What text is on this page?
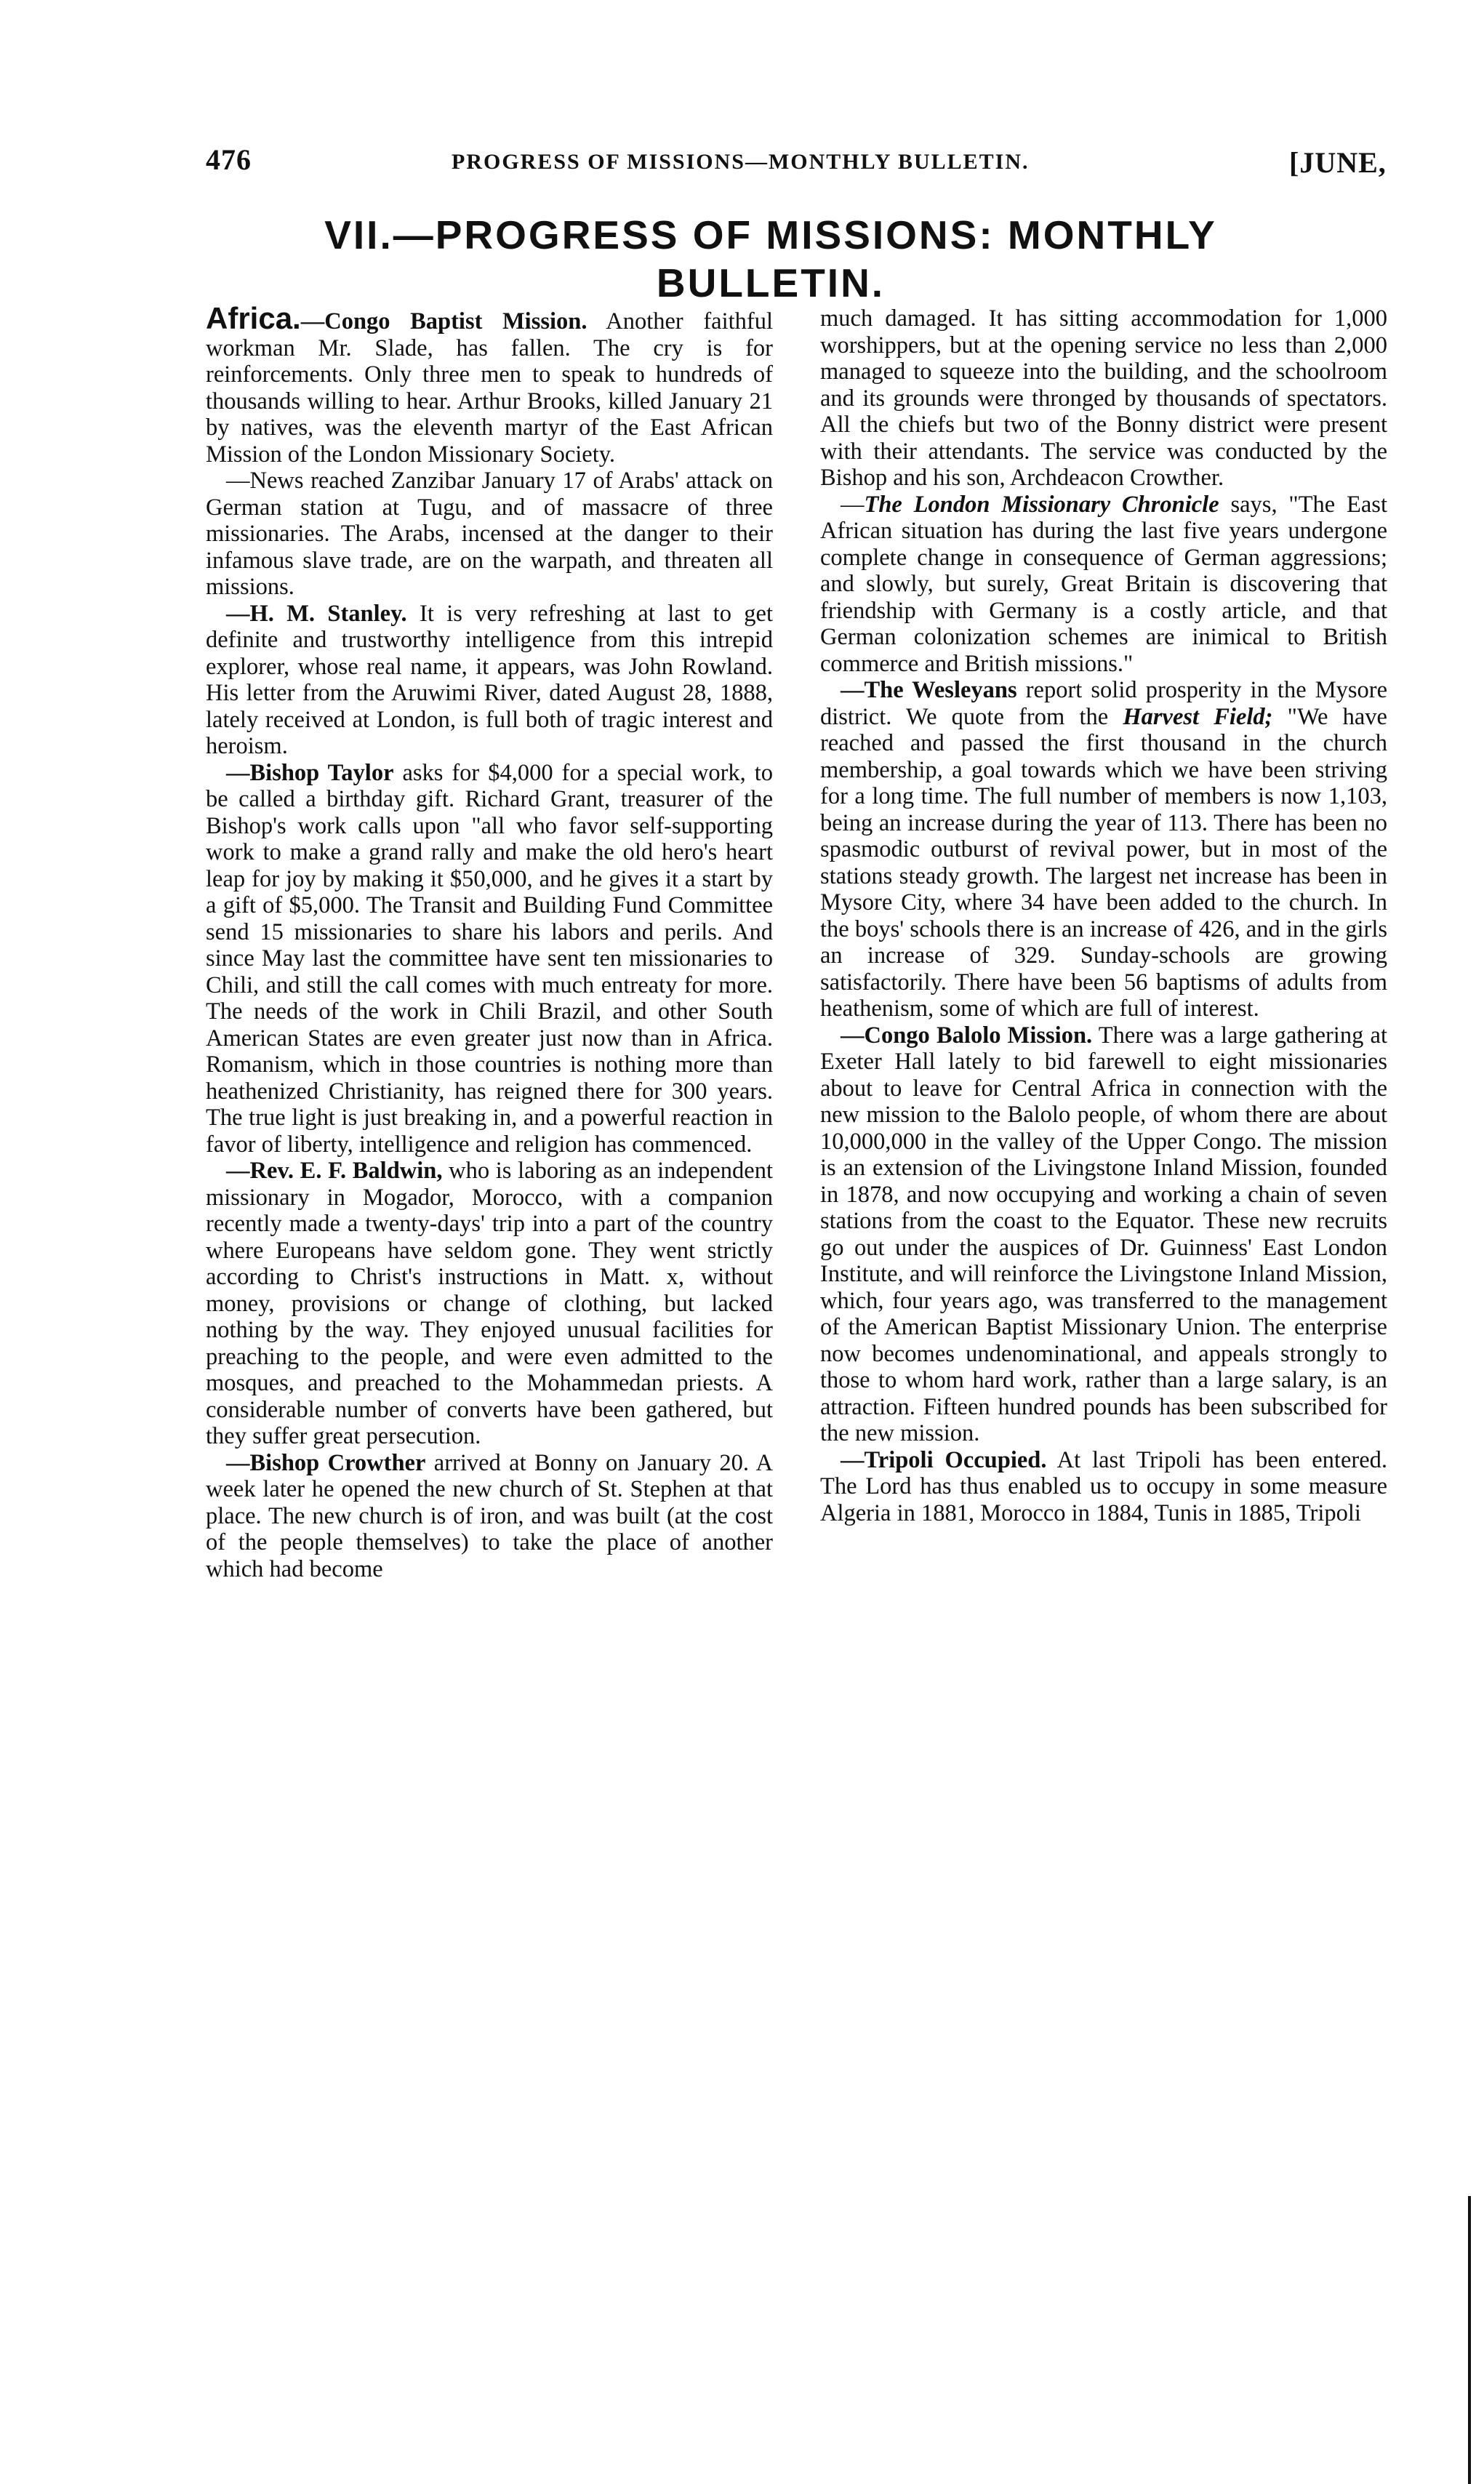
476	PROGRESS OF MISSIONS—MONTHLY BULLETIN.	[JUNE,
VII.—PROGRESS OF MISSIONS: MONTHLY BULLETIN.

Africa.—Congo Baptist Mission. Another faithful workman Mr. Slade, has fallen. The cry is for reinforcements. Only three men to speak to hundreds of thousands willing to hear. Arthur Brooks, killed January 21 by natives, was the eleventh martyr of the East African Mission of the London Missionary Society.

—News reached Zanzibar January 17 of Arabs' attack on German station at Tugu, and of massacre of three missionaries. The Arabs, incensed at the danger to their infamous slave trade, are on the warpath, and threaten all missions.

—H. M. Stanley. It is very refreshing at last to get definite and trustworthy intelligence from this intrepid explorer, whose real name, it appears, was John Rowland. His letter from the Aruwimi River, dated August 28, 1888, lately received at London, is full both of tragic interest and heroism.

—Bishop Taylor asks for $4,000 for a special work, to be called a birthday gift. Richard Grant, treasurer of the Bishop's work calls upon "all who favor self-supporting work to make a grand rally and make the old hero's heart leap for joy by making it $50,000, and he gives it a start by a gift of $5,000. The Transit and Building Fund Committee send 15 missionaries to share his labors and perils. And since May last the committee have sent ten missionaries to Chili, and still the call comes with much entreaty for more. The needs of the work in Chili Brazil, and other South American States are even greater just now than in Africa. Romanism, which in those countries is nothing more than heathenized Christianity, has reigned there for 300 years. The true light is just breaking in, and a powerful reaction in favor of liberty, intelligence and religion has commenced.

—Rev. E. F. Baldwin, who is laboring as an independent missionary in Mogador, Morocco, with a companion recently made a twenty-days' trip into a part of the country where Europeans have seldom gone. They went strictly according to Christ's instructions in Matt. x, without money, provisions or change of clothing, but lacked nothing by the way. They enjoyed unusual facilities for preaching to the people, and were even admitted to the mosques, and preached to the Mohammedan priests. A considerable number of converts have been gathered, but they suffer great persecution.

—Bishop Crowther arrived at Bonny on January 20. A week later he opened the new church of St. Stephen at that place. The new church is of iron, and was built (at the cost of the people themselves) to take the place of another which had become

much damaged. It has sitting accommodation for 1,000 worshippers, but at the opening service no less than 2,000 managed to squeeze into the building, and the schoolroom and its grounds were thronged by thousands of spectators. All the chiefs but two of the Bonny district were present with their attendants. The service was conducted by the Bishop and his son, Archdeacon Crowther.

—The London Missionary Chronicle says, "The East African situation has during the last five years undergone complete change in consequence of German aggressions; and slowly, but surely, Great Britain is discovering that friendship with Germany is a costly article, and that German colonization schemes are inimical to British commerce and British missions."

—The Wesleyans report solid prosperity in the Mysore district. We quote from the Harvest Field; "We have reached and passed the first thousand in the church membership, a goal towards which we have been striving for a long time. The full number of members is now 1,103, being an increase during the year of 113. There has been no spasmodic outburst of revival power, but in most of the stations steady growth. The largest net increase has been in Mysore City, where 34 have been added to the church. In the boys' schools there is an increase of 426, and in the girls an increase of 329. Sunday-schools are growing satisfactorily. There have been 56 baptisms of adults from heathenism, some of which are full of interest.

—Congo Balolo Mission. There was a large gathering at Exeter Hall lately to bid farewell to eight missionaries about to leave for Central Africa in connection with the new mission to the Balolo people, of whom there are about 10,000,000 in the valley of the Upper Congo. The mission is an extension of the Livingstone Inland Mission, founded in 1878, and now occupying and working a chain of seven stations from the coast to the Equator. These new recruits go out under the auspices of Dr. Guinness' East London Institute, and will reinforce the Livingstone Inland Mission, which, four years ago, was transferred to the management of the American Baptist Missionary Union. The enterprise now becomes undenominational, and appeals strongly to those to whom hard work, rather than a large salary, is an attraction. Fifteen hundred pounds has been subscribed for the new mission.

—Tripoli Occupied. At last Tripoli has been entered. The Lord has thus enabled us to occupy in some measure Algeria in 1881, Morocco in 1884, Tunis in 1885, Tripoli
